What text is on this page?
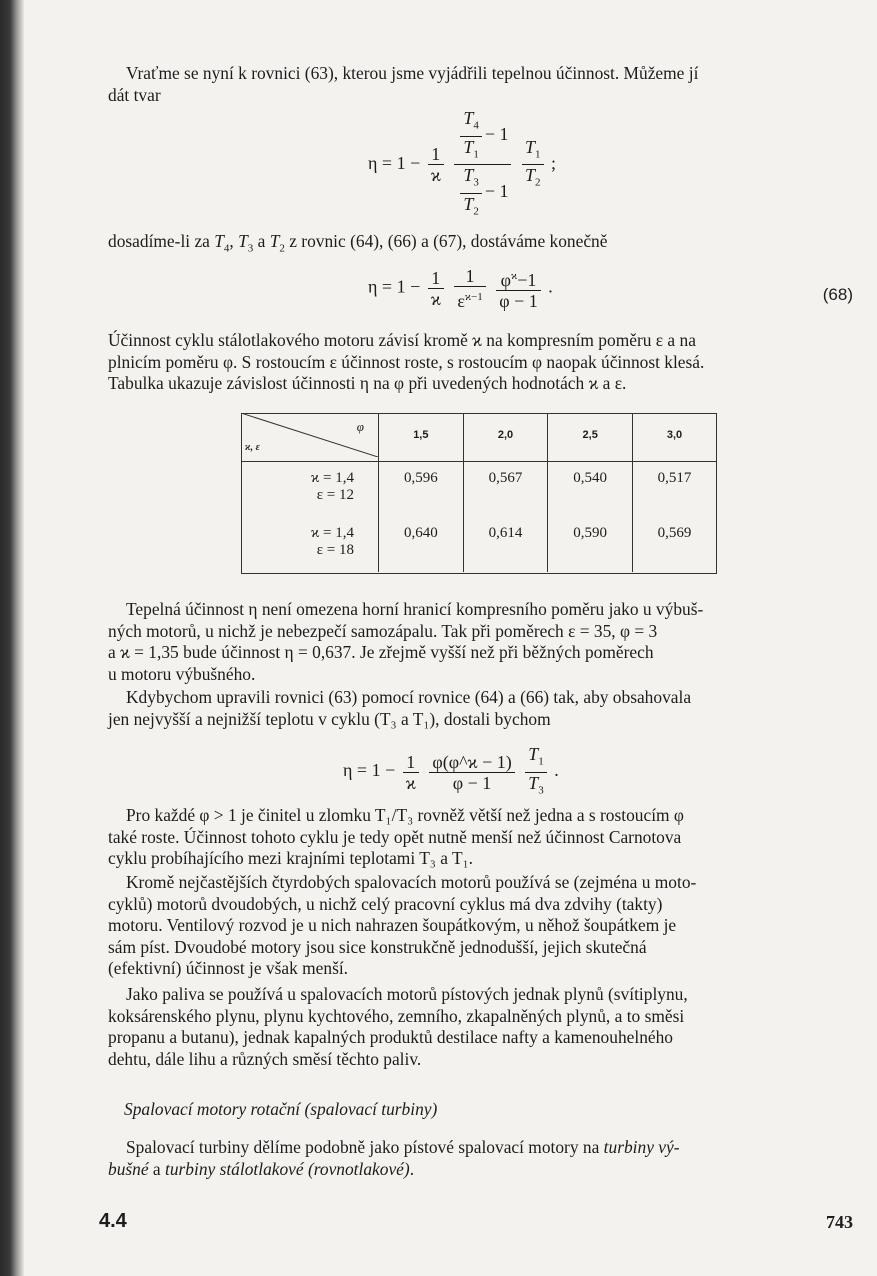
Vraťme se nyní k rovnici (63), kterou jsme vyjádřili tepelnou účinnost. Můžeme jí
dát tvar
$\eta = 1 - \frac{1}{ϰ}$
$\frac{\frac{T_4}{T_1} - 1}{\frac{T_3}{T_2} - 1}$
$\frac{T_1}{T_2}$ ;
dosadíme-li za $T_4$, $T_3$ a $T_2$ z rovnic (64), (66) a (67), dostáváme konečně
$\eta = 1 - \frac{1}{ϰ}$
$\frac{1}{\varepsilon^{ϰ-1}}$
$\frac{\varphi^ϰ-1}{\varphi - 1}$ .	(68)
Účinnost cyklu stálotlakového motoru závisí kromě ϰ na kompresním poměru ε a na
plnicím poměru φ. S rostoucím ε účinnost roste, s rostoucím φ naopak účinnost klesá.
Tabulka ukazuje závislost účinnosti η na φ při uvedených hodnotách ϰ a ε.
φ
ϰ, ε	1,5	2,0	2,5	3,0

ϰ = 1,4
ε = 12	0,596	0,567	0,540	0,517
ϰ = 1,4
ε = 18	0,640	0,614	0,590	0,569
Tepelná účinnost η není omezena horní hranicí kompresního poměru jako u výbuš-
ných motorů, u nichž je nebezpečí samozápalu. Tak při poměrech ε = 35, φ = 3
a ϰ = 1,35 bude účinnost η = 0,637. Je zřejmě vyšší než při běžných poměrech
u motoru výbušného.
Kdybychom upravili rovnici (63) pomocí rovnice (64) a (66) tak, aby obsahovala
jen nejvyšší a nejnižší teplotu v cyklu (T₃ a T₁), dostali bychom
$\eta = 1 - \frac{1}{ϰ}$
$\frac{\varphi(\varphi\^{}ϰ - 1)}{\varphi - 1}$
$\frac{T_1}{T_3}$ .
Pro každé φ > 1 je činitel u zlomku T₁/T₃ rovněž větší než jedna a s rostoucím φ
také roste. Účinnost tohoto cyklu je tedy opět nutně menší než účinnost Carnotova
cyklu probíhajícího mezi krajními teplotami T₃ a T₁.
Kromě nejčastějších čtyrdobých spalovacích motorů používá se (zejména u moto-
cyklů) motorů dvoudobých, u nichž celý pracovní cyklus má dva zdvihy (takty)
motoru. Ventilový rozvod je u nich nahrazen šoupátkovým, u něhož šoupátkem je
sám píst. Dvoudobé motory jsou sice konstrukčně jednodušší, jejich skutečná
(efektivní) účinnost je však menší.
Jako paliva se používá u spalovacích motorů pístových jednak plynů (svítiplynu,
koksárenského plynu, plynu kychtového, zemního, zkapalněných plynů, a to směsi
propanu a butanu), jednak kapalných produktů destilace nafty a kamenouhelného
dehtu, dále lihu a různých směsí těchto paliv.
Spalovací motory rotační (spalovací turbiny)
Spalovací turbiny dělíme podobně jako pístové spalovací motory na turbiny vý-
bušné a turbiny stálotlakové (rovnotlakové).
4.4	743
